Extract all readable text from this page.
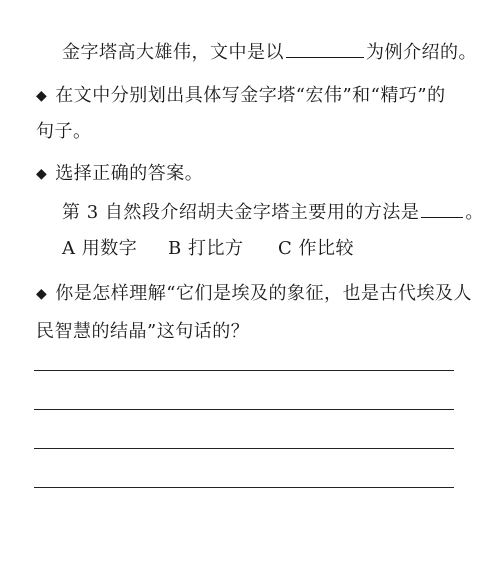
金字塔高大雄伟，文中是以	为例介绍的。
◆ 在文中分别划出具体写金字塔“宏伟”和“精巧”的
句子。
◆ 选择正确的答案。
第 3 自然段介绍胡夫金字塔主要用的方法是	。
A 用数字 B 打比方 C 作比较
◆ 你是怎样理解“它们是埃及的象征，也是古代埃及人
民智慧的结晶”这句话的？
